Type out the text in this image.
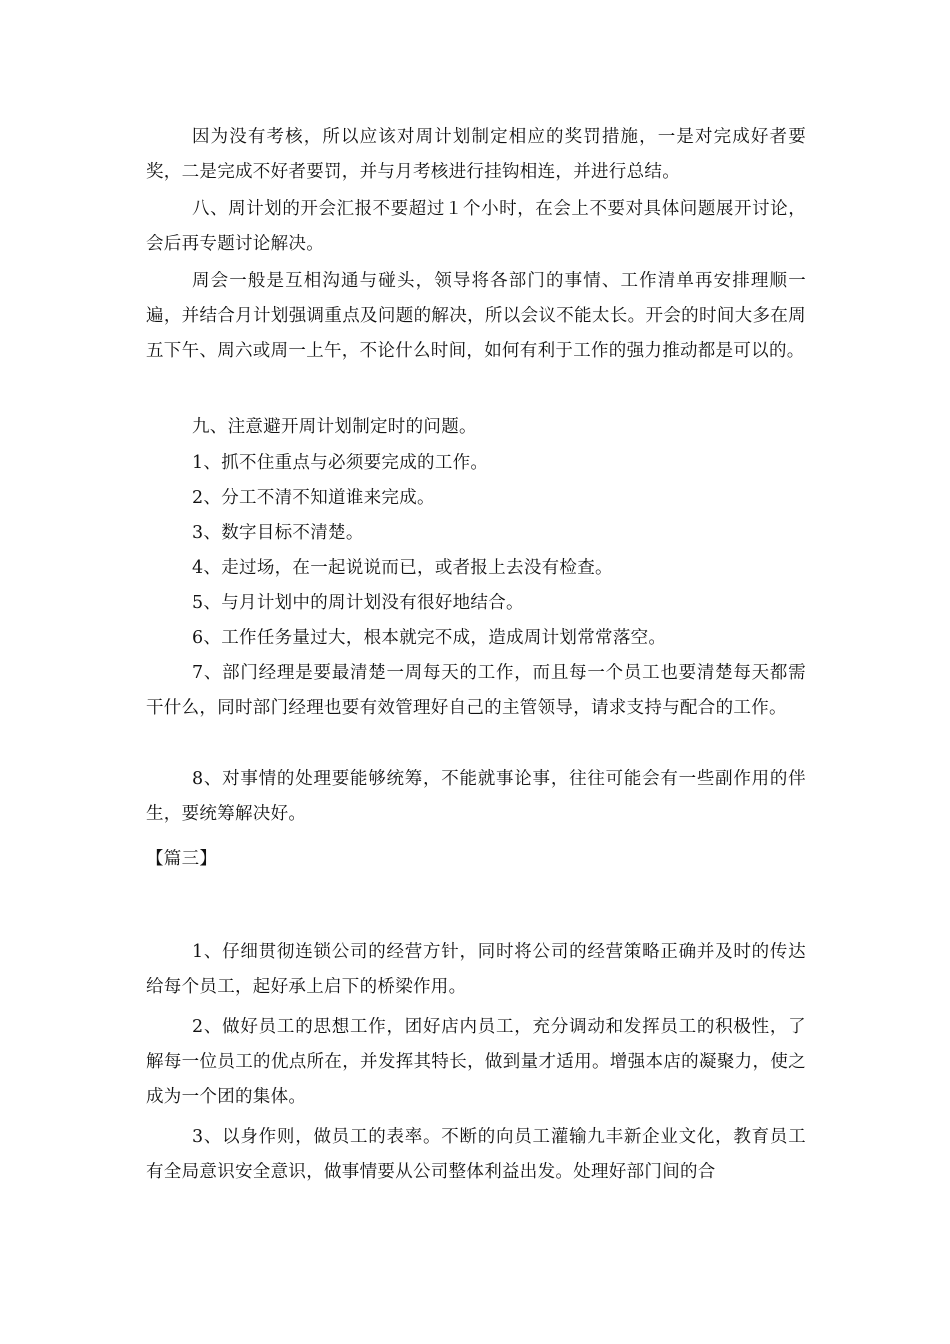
因为没有考核，所以应该对周计划制定相应的奖罚措施，一是对完成好者要奖，二是完成不好者要罚，并与月考核进行挂钩相连，并进行总结。

八、周计划的开会汇报不要超过１个小时，在会上不要对具体问题展开讨论，会后再专题讨论解决。

周会一般是互相沟通与碰头，领导将各部门的事情、工作清单再安排理顺一遍，并结合月计划强调重点及问题的解决，所以会议不能太长。开会的时间大多在周五下午、周六或周一上午，不论什么时间，如何有利于工作的强力推动都是可以的。

九、注意避开周计划制定时的问题。

1、抓不住重点与必须要完成的工作。

2、分工不清不知道谁来完成。

3、数字目标不清楚。

4、走过场，在一起说说而已，或者报上去没有检查。

5、与月计划中的周计划没有很好地结合。

6、工作任务量过大，根本就完不成，造成周计划常常落空。

7、部门经理是要最清楚一周每天的工作，而且每一个员工也要清楚每天都需干什么，同时部门经理也要有效管理好自己的主管领导，请求支持与配合的工作。

8、对事情的处理要能够统筹，不能就事论事，往往可能会有一些副作用的伴生，要统筹解决好。

【篇三】

1、仔细贯彻连锁公司的经营方针，同时将公司的经营策略正确并及时的传达给每个员工，起好承上启下的桥梁作用。

2、做好员工的思想工作，团好店内员工，充分调动和发挥员工的积极性，了解每一位员工的优点所在，并发挥其特长，做到量才适用。增强本店的凝聚力，使之成为一个团的集体。

3、以身作则，做员工的表率。不断的向员工灌输九丰新企业文化，教育员工有全局意识安全意识，做事情要从公司整体利益出发。处理好部门间的合
